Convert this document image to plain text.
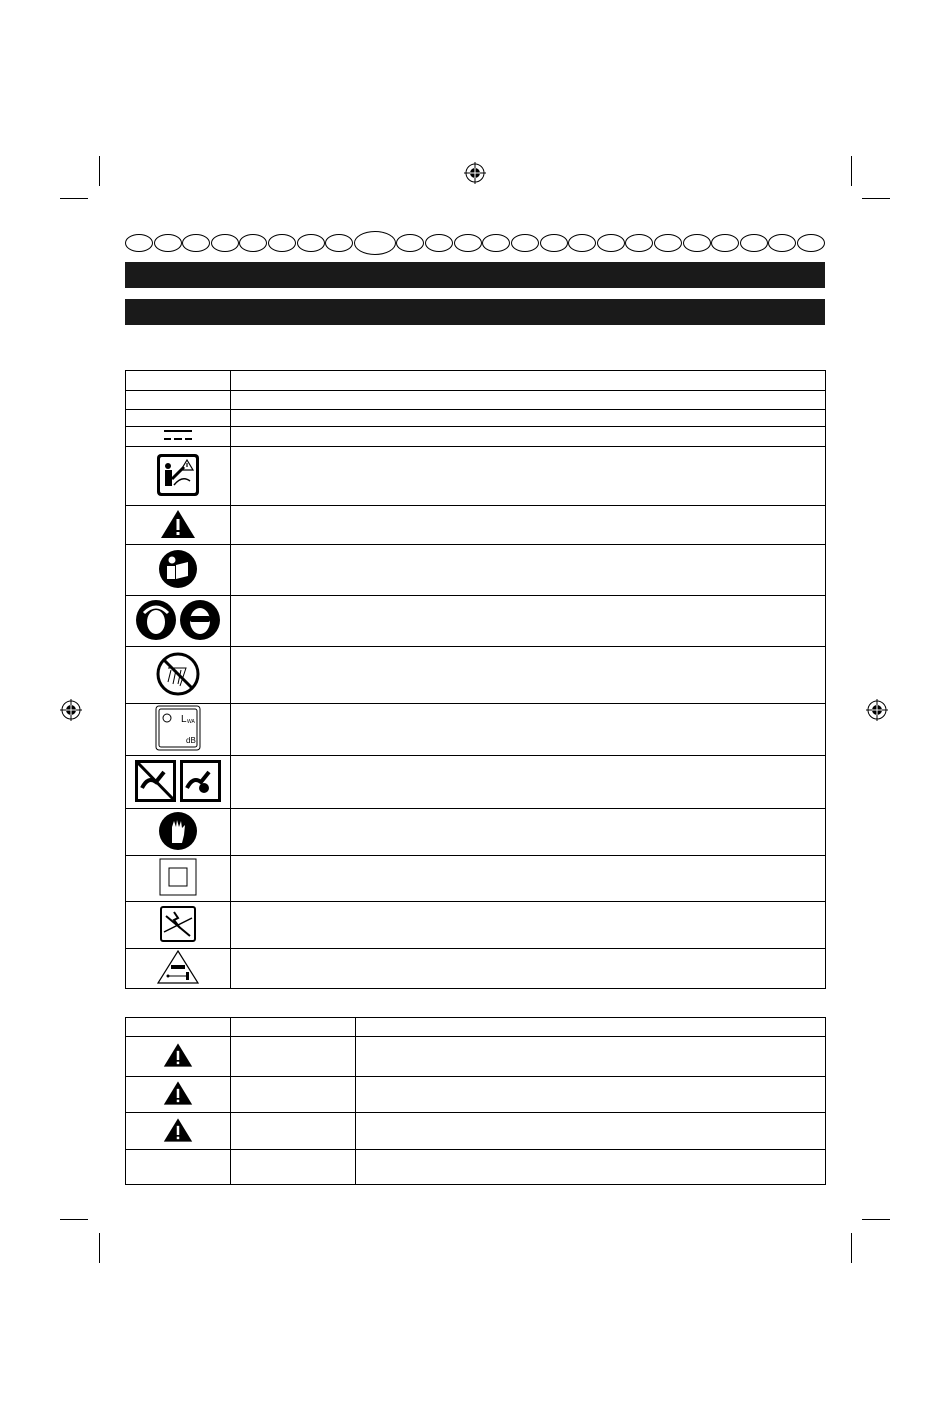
L WA
dB	
